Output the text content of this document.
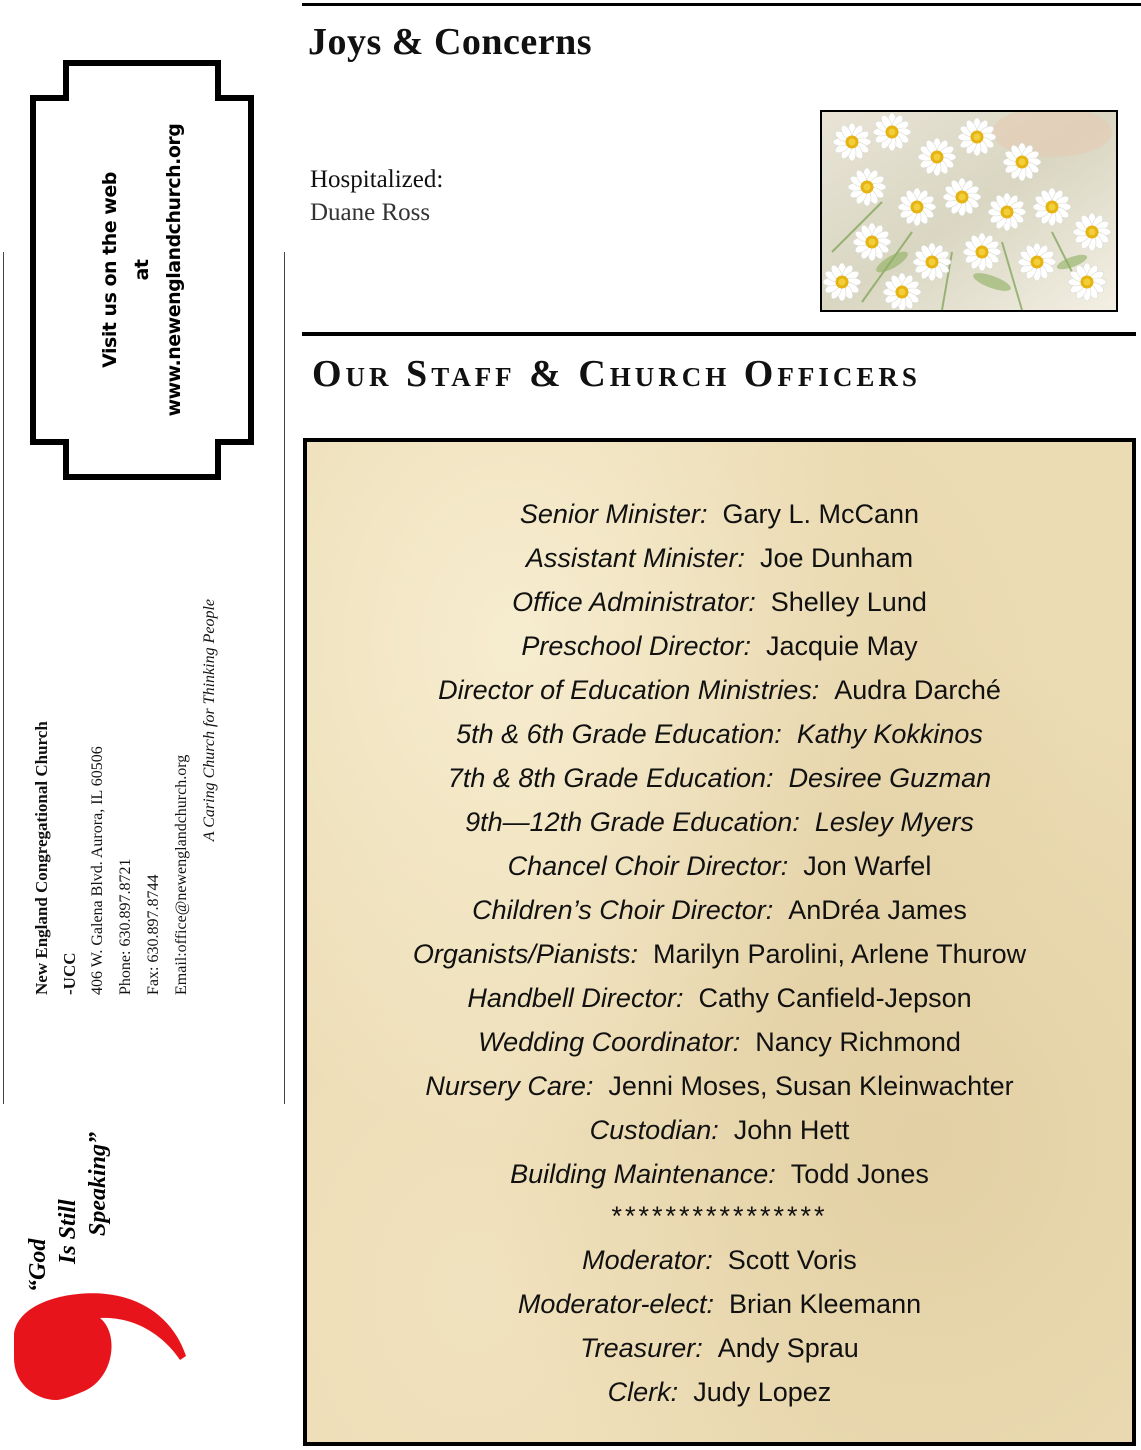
Visit us on the web at www.newenglandchurch.org
New England Congregational Church -UCC 406 W. Galena Blvd. Aurora, IL 60506 Phone: 630.897.8721 Fax: 630.897.8744 Email:office@newenglandchurch.org
A Caring Church for Thinking People
“God
Is Still Speaking”
Joys & Concerns
Hospitalized:
Duane Ross
Our Staff & Church Officers
Senior Minister: Gary L. McCann
Assistant Minister: Joe Dunham
Office Administrator: Shelley Lund
Preschool Director: Jacquie May
Director of Education Ministries: Audra Darché
5th & 6th Grade Education: Kathy Kokkinos
7th & 8th Grade Education: Desiree Guzman
9th—12th Grade Education: Lesley Myers
Chancel Choir Director: Jon Warfel
Children’s Choir Director: AnDréa James
Organists/Pianists: Marilyn Parolini, Arlene Thurow
Handbell Director: Cathy Canfield-Jepson
Wedding Coordinator: Nancy Richmond
Nursery Care: Jenni Moses, Susan Kleinwachter
Custodian: John Hett
Building Maintenance: Todd Jones
****************
Moderator: Scott Voris
Moderator-elect: Brian Kleemann
Treasurer: Andy Sprau
Clerk: Judy Lopez
